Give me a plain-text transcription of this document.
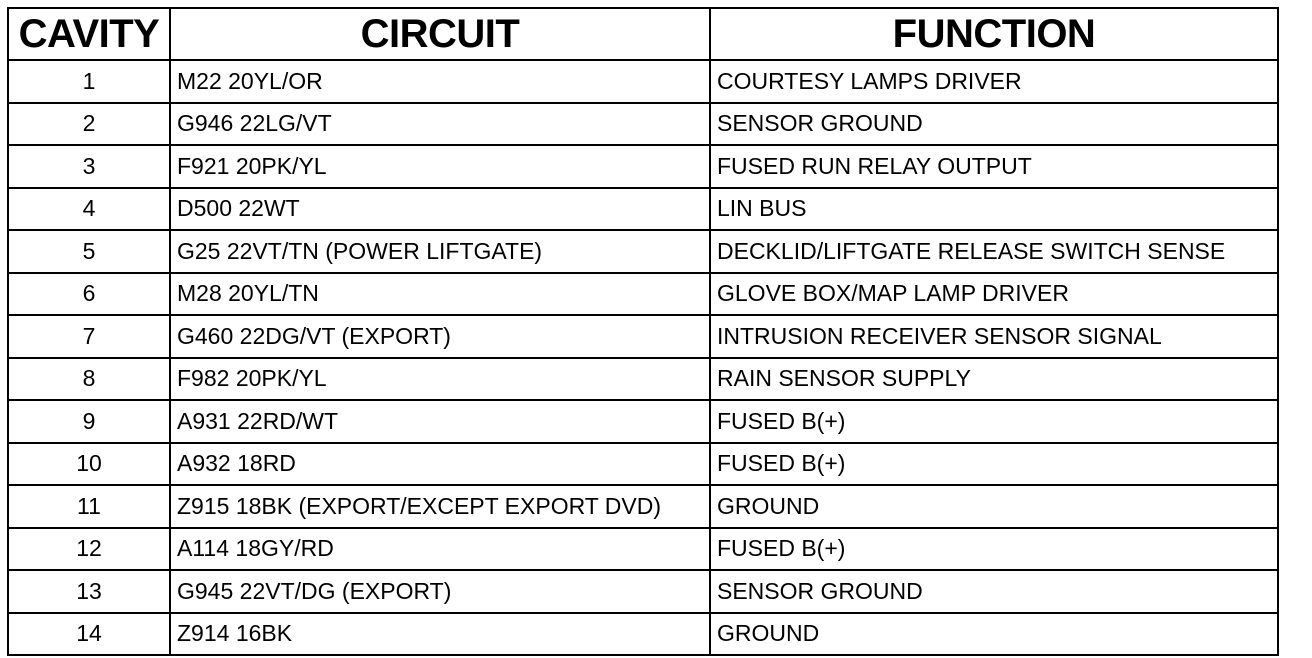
CAVITY	CIRCUIT	FUNCTION
1	M22 20YL/OR	COURTESY LAMPS DRIVER
2	G946 22LG/VT	SENSOR GROUND
3	F921 20PK/YL	FUSED RUN RELAY OUTPUT
4	D500 22WT	LIN BUS
5	G25 22VT/TN (POWER LIFTGATE)	DECKLID/LIFTGATE RELEASE SWITCH SENSE
6	M28 20YL/TN	GLOVE BOX/MAP LAMP DRIVER
7	G460 22DG/VT (EXPORT)	INTRUSION RECEIVER SENSOR SIGNAL
8	F982 20PK/YL	RAIN SENSOR SUPPLY
9	A931 22RD/WT	FUSED B(+)
10	A932 18RD	FUSED B(+)
11	Z915 18BK (EXPORT/EXCEPT EXPORT DVD)	GROUND
12	A114 18GY/RD	FUSED B(+)
13	G945 22VT/DG (EXPORT)	SENSOR GROUND
14	Z914 16BK	GROUND
